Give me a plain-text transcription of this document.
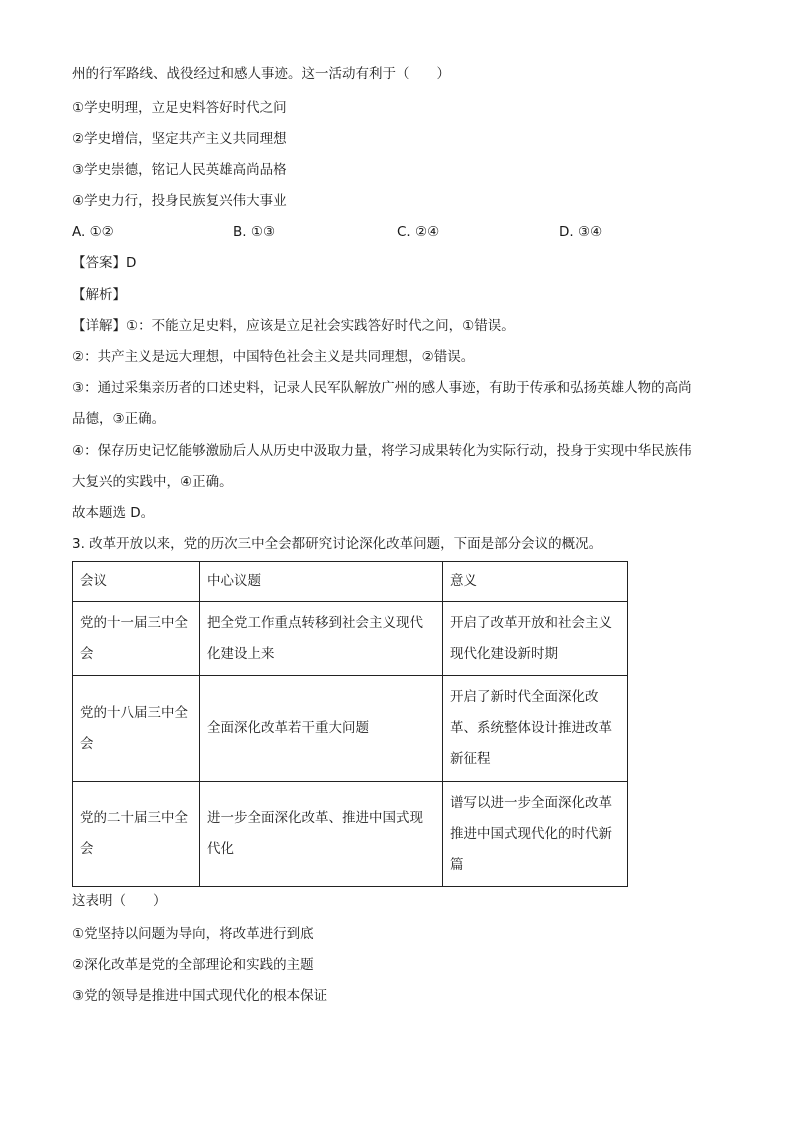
州的行军路线、战役经过和感人事迹。这一活动有利于（　　）
①学史明理，立足史料答好时代之问
②学史增信，坚定共产主义共同理想
③学史崇德，铭记人民英雄高尚品格
④学史力行，投身民族复兴伟大事业
A. ①②	B. ①③	C. ②④	D. ③④
【答案】D
【解析】
【详解】①：不能立足史料，应该是立足社会实践答好时代之问，①错误。
②：共产主义是远大理想，中国特色社会主义是共同理想，②错误。
③：通过采集亲历者的口述史料，记录人民军队解放广州的感人事迹，有助于传承和弘扬英雄人物的高尚
品德，③正确。
④：保存历史记忆能够激励后人从历史中汲取力量，将学习成果转化为实际行动，投身于实现中华民族伟
大复兴的实践中，④正确。
故本题选 D。
3. 改革开放以来，党的历次三中全会都研究讨论深化改革问题，下面是部分会议的概况。
会议	中心议题	意义
党的十一届三中全会	把全党工作重点转移到社会主义现代化建设上来	开启了改革开放和社会主义现代化建设新时期
党的十八届三中全会	全面深化改革若干重大问题	开启了新时代全面深化改革、系统整体设计推进改革新征程
党的二十届三中全会	进一步全面深化改革、推进中国式现代化	谱写以进一步全面深化改革推进中国式现代化的时代新篇
这表明（　　）
①党坚持以问题为导向，将改革进行到底
②深化改革是党的全部理论和实践的主题
③党的领导是推进中国式现代化的根本保证
